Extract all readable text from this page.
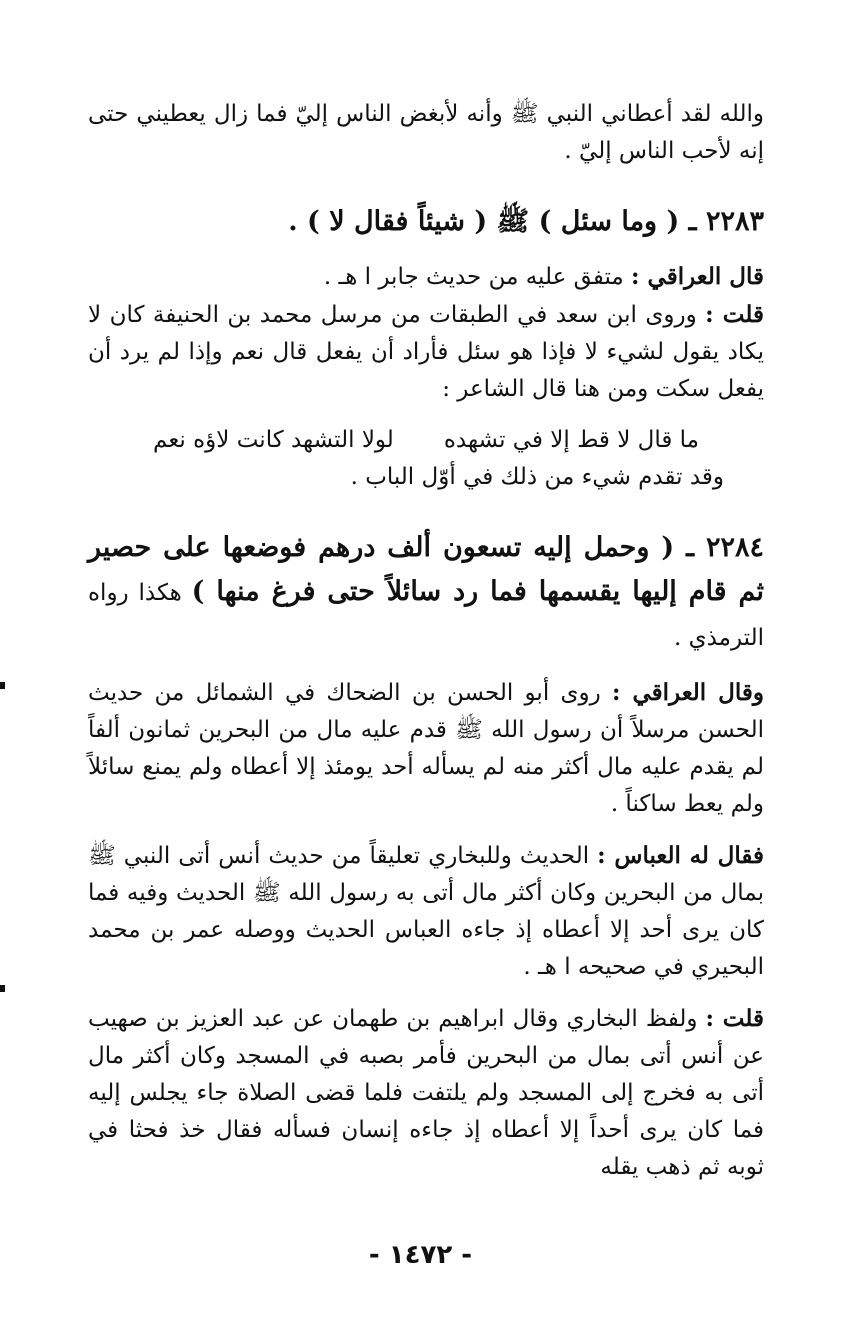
والله لقد أعطاني النبي ﷺ وأنه لأبغض الناس إليّ فما زال يعطيني حتى إنه لأحب الناس إليّ .

٢٢٨٣ ـ ( وما سئل ) ﷺ ( شيئاً فقال لا ) .

قال العراقي : متفق عليه من حديث جابر ا هـ .

قلت : وروى ابن سعد في الطبقات من مرسل محمد بن الحنيفة كان لا يكاد يقول لشيء لا فإذا هو سئل فأراد أن يفعل قال نعم وإذا لم يرد أن يفعل سكت ومن هنا قال الشاعر :

ما قال لا قط إلا في تشهده
لولا التشهد كانت لاؤه نعم

وقد تقدم شيء من ذلك في أوّل الباب .

٢٢٨٤ ـ ( وحمل إليه تسعون ألف درهم فوضعها على حصير ثم قام إليها يقسمها فما رد سائلاً حتى فرغ منها ) هكذا رواه الترمذي .

وقال العراقي : روى أبو الحسن بن الضحاك في الشمائل من حديث الحسن مرسلاً أن رسول الله ﷺ قدم عليه مال من البحرين ثمانون ألفاً لم يقدم عليه مال أكثر منه لم يسأله أحد يومئذ إلا أعطاه ولم يمنع سائلاً ولم يعط ساكناً .

فقال له العباس : الحديث وللبخاري تعليقاً من حديث أنس أتى النبي ﷺ بمال من البحرين وكان أكثر مال أتى به رسول الله ﷺ الحديث وفيه فما كان يرى أحد إلا أعطاه إذ جاءه العباس الحديث ووصله عمر بن محمد البحيري في صحيحه ا هـ .

قلت : ولفظ البخاري وقال ابراهيم بن طهمان عن عبد العزيز بن صهيب عن أنس أتى بمال من البحرين فأمر بصبه في المسجد وكان أكثر مال أتى به فخرج إلى المسجد ولم يلتفت فلما قضى الصلاة جاء يجلس إليه فما كان يرى أحداً إلا أعطاه إذ جاءه إنسان فسأله فقال خذ فحثا في ثوبه ثم ذهب يقله

- ١٤٧٢ -
